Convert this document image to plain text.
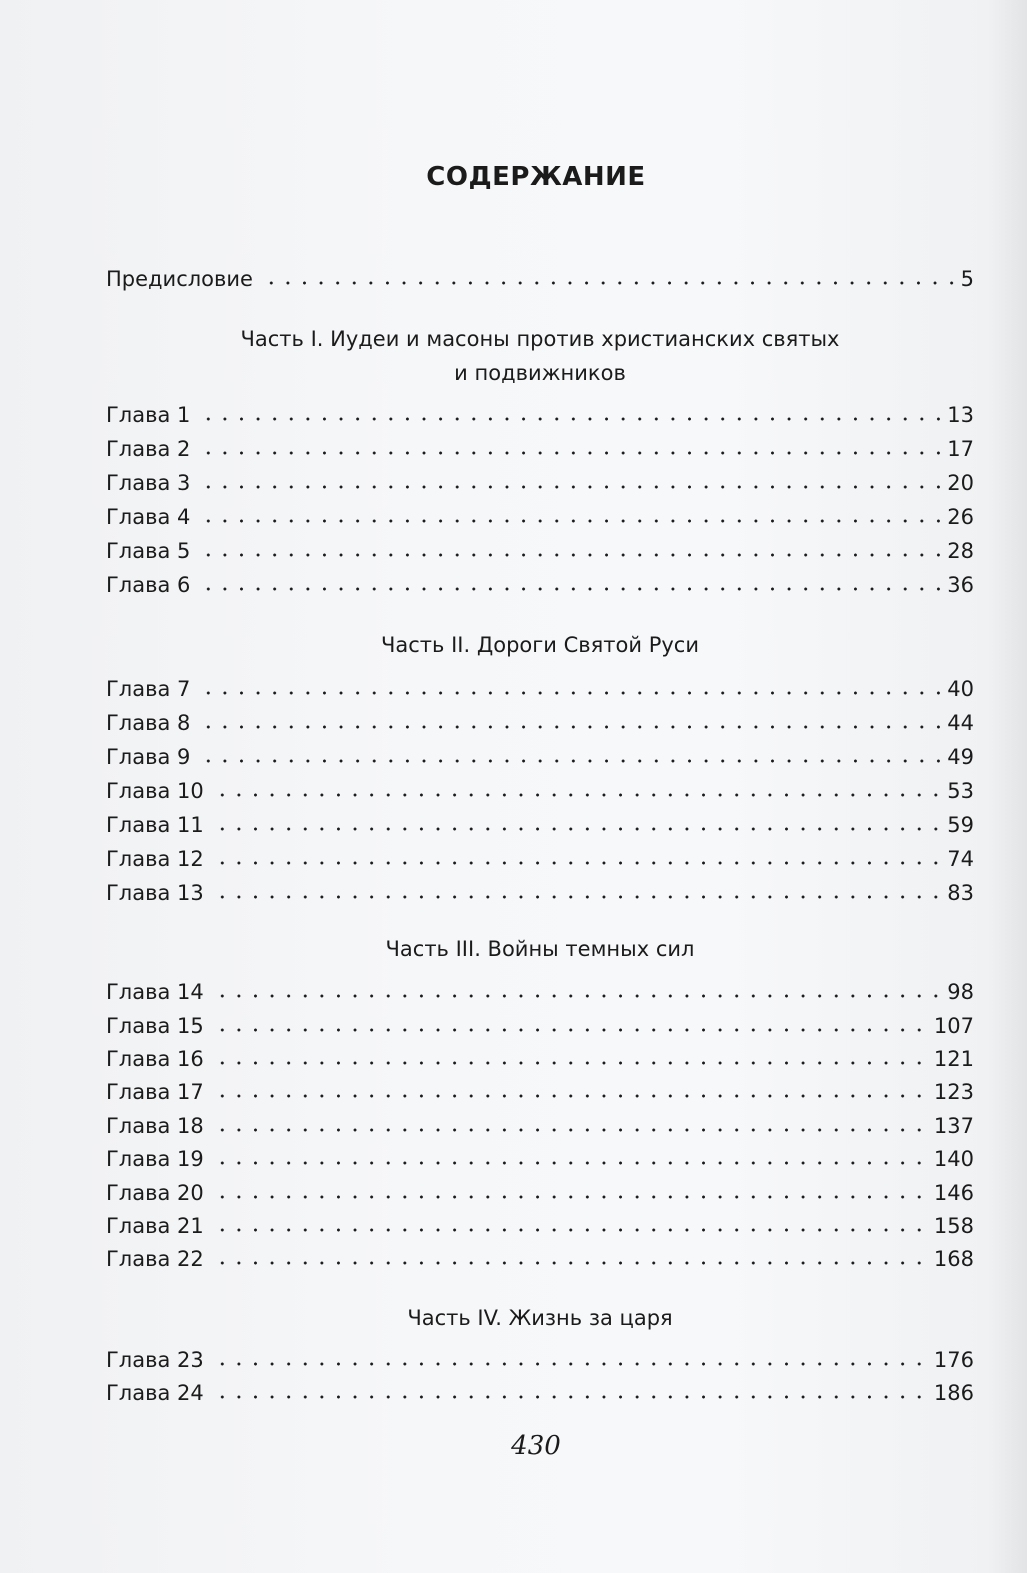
СОДЕРЖАНИЕ
Предисловие	5
Часть I. Иудеи и масоны против христианских святых
и подвижников
Глава 1	13
Глава 2	17
Глава 3	20
Глава 4	26
Глава 5	28
Глава 6	36
Часть II. Дороги Святой Руси
Глава 7	40
Глава 8	44
Глава 9	49
Глава 10	53
Глава 11	59
Глава 12	74
Глава 13	83
Часть III. Войны темных сил
Глава 14	98
Глава 15	107
Глава 16	121
Глава 17	123
Глава 18	137
Глава 19	140
Глава 20	146
Глава 21	158
Глава 22	168
Часть IV. Жизнь за царя
Глава 23	176
Глава 24	186
430
